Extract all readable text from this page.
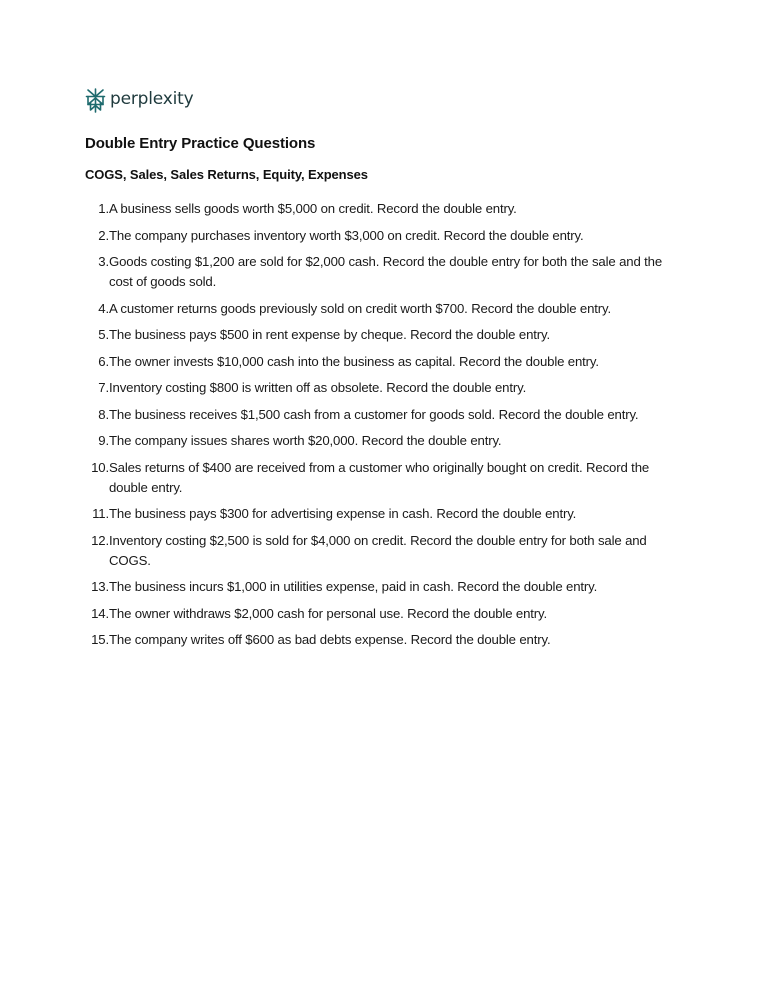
perplexity
Double Entry Practice Questions
COGS, Sales, Sales Returns, Equity, Expenses
1. A business sells goods worth $5,000 on credit. Record the double entry.
2. The company purchases inventory worth $3,000 on credit. Record the double entry.
3. Goods costing $1,200 are sold for $2,000 cash. Record the double entry for both the sale and the cost of goods sold.
4. A customer returns goods previously sold on credit worth $700. Record the double entry.
5. The business pays $500 in rent expense by cheque. Record the double entry.
6. The owner invests $10,000 cash into the business as capital. Record the double entry.
7. Inventory costing $800 is written off as obsolete. Record the double entry.
8. The business receives $1,500 cash from a customer for goods sold. Record the double entry.
9. The company issues shares worth $20,000. Record the double entry.
10. Sales returns of $400 are received from a customer who originally bought on credit. Record the double entry.
11. The business pays $300 for advertising expense in cash. Record the double entry.
12. Inventory costing $2,500 is sold for $4,000 on credit. Record the double entry for both sale and COGS.
13. The business incurs $1,000 in utilities expense, paid in cash. Record the double entry.
14. The owner withdraws $2,000 cash for personal use. Record the double entry.
15. The company writes off $600 as bad debts expense. Record the double entry.
